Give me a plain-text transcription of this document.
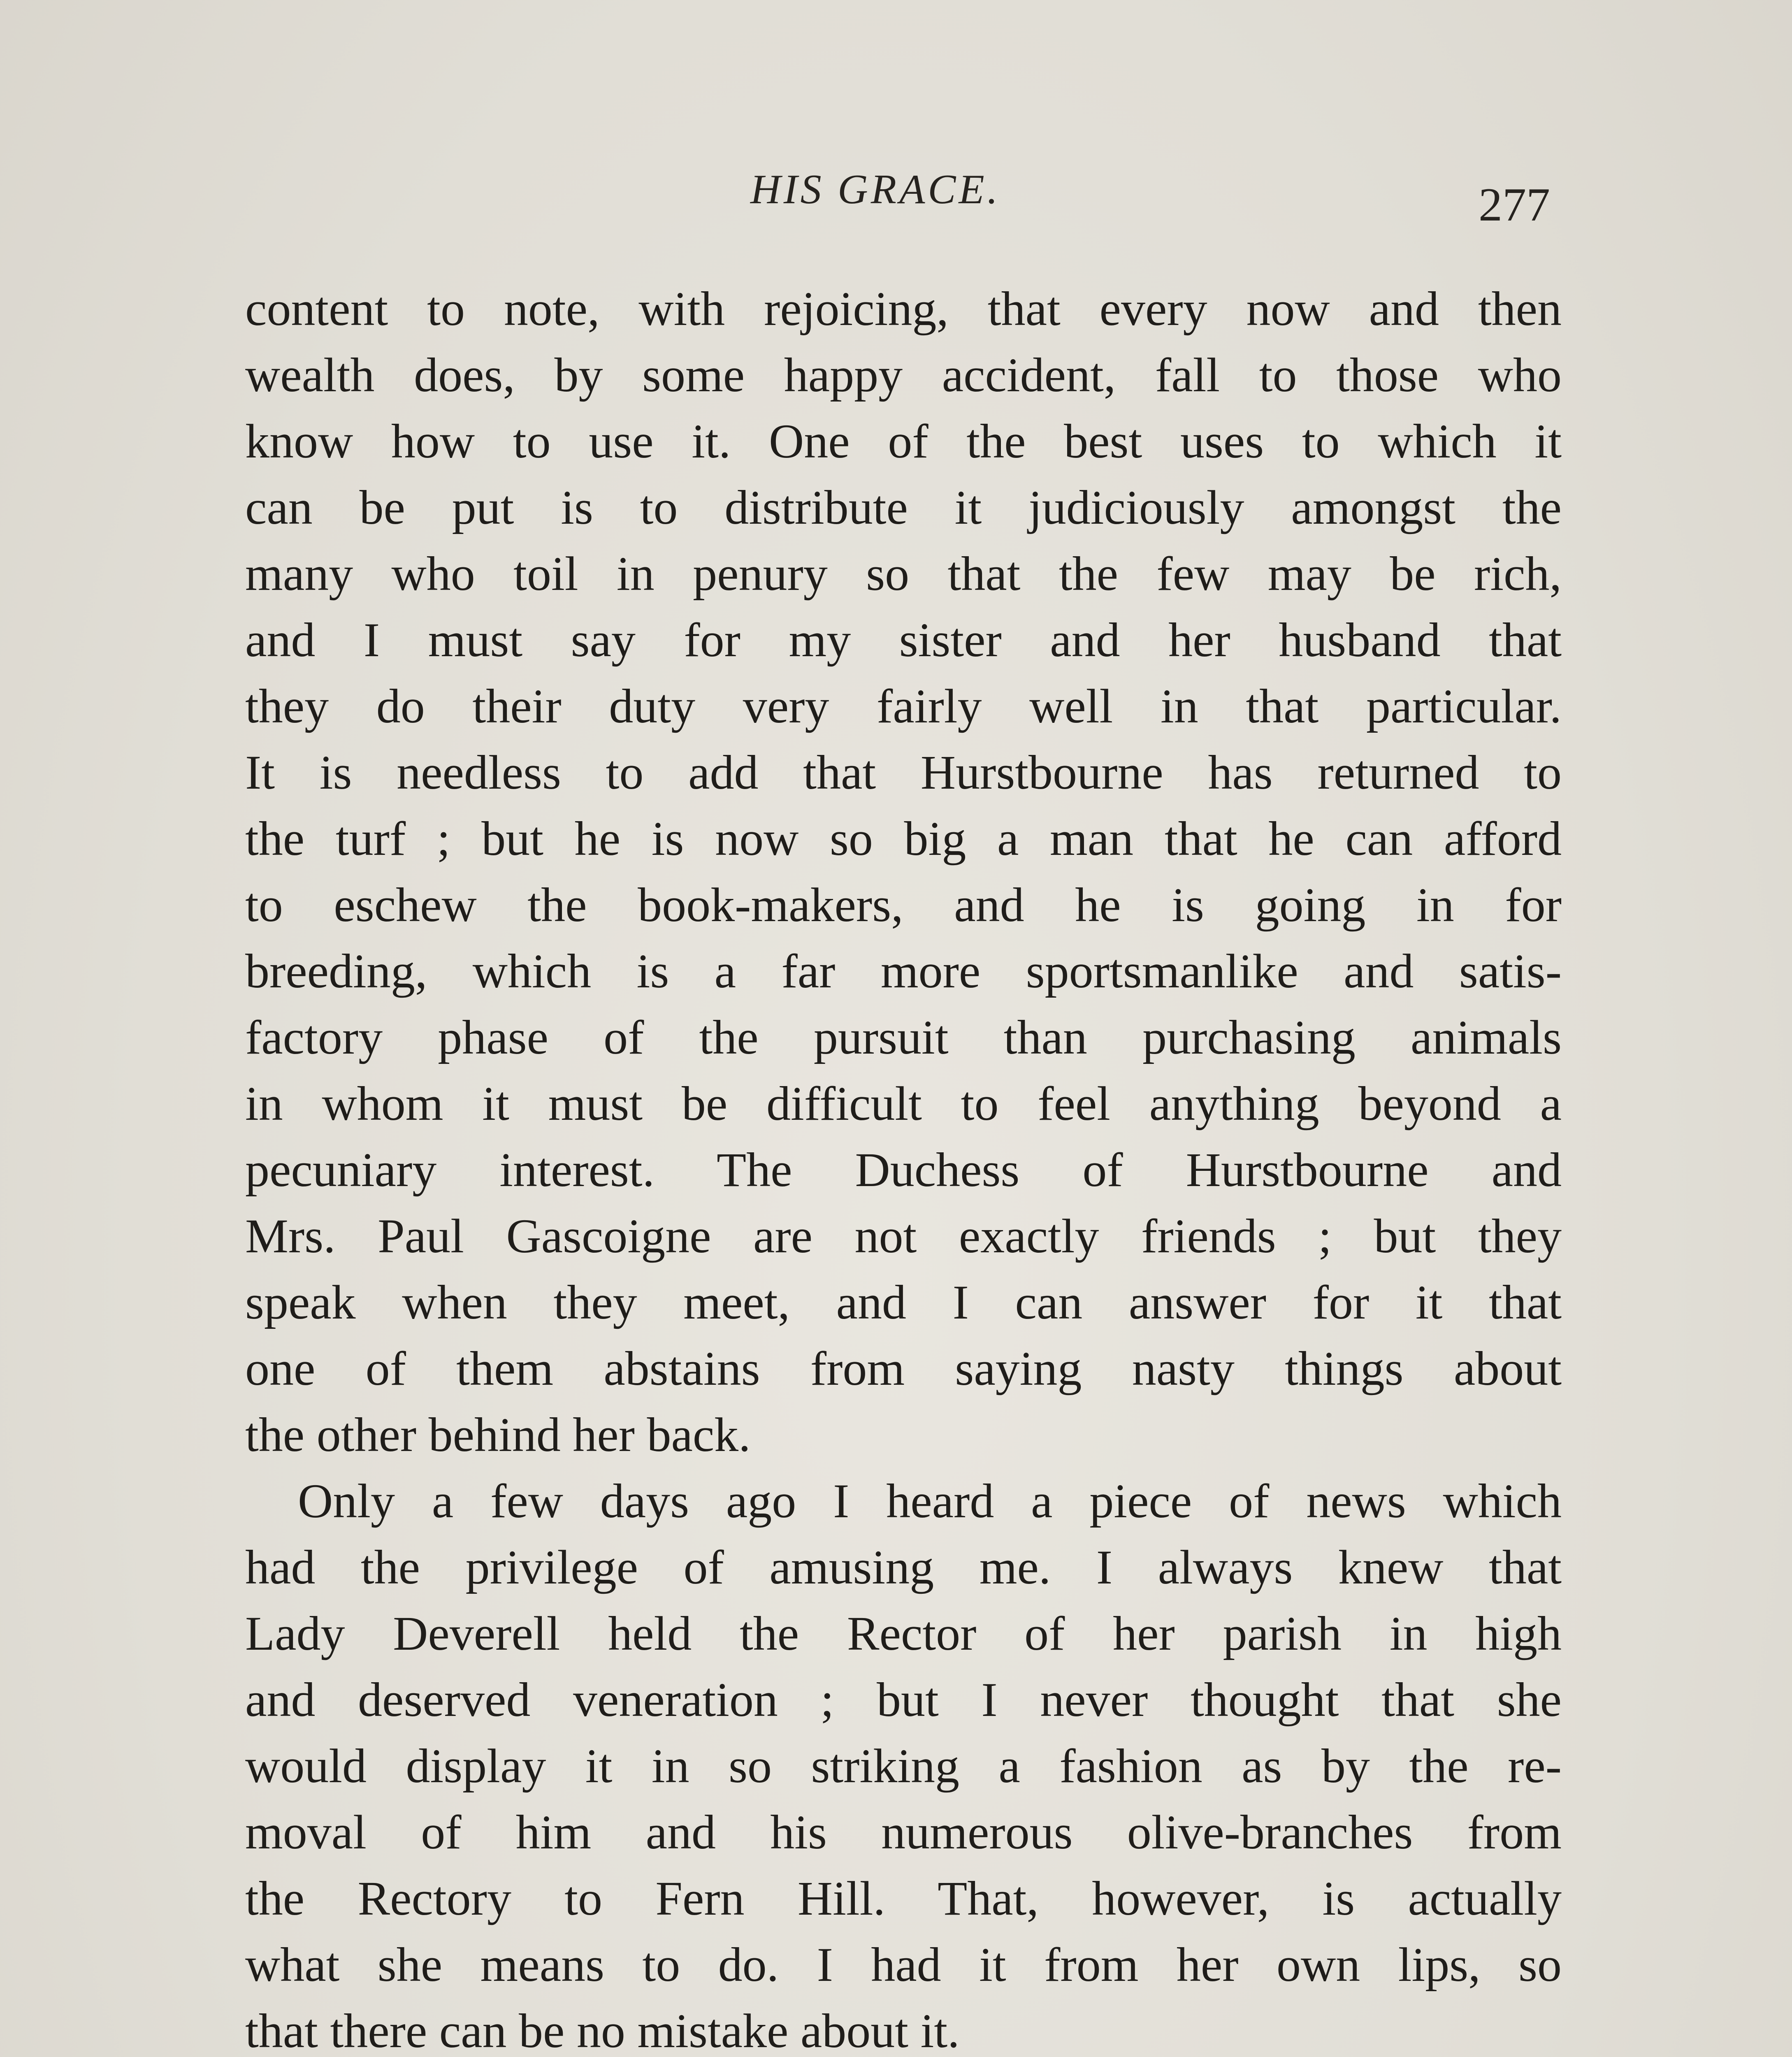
HIS GRACE.	277
content to note, with rejoicing, that every now and then
wealth does, by some happy accident, fall to those who
know how to use it. One of the best uses to which it
can be put is to distribute it judiciously amongst the
many who toil in penury so that the few may be rich,
and I must say for my sister and her husband that
they do their duty very fairly well in that particular.
It is needless to add that Hurstbourne has returned to
the turf ; but he is now so big a man that he can afford
to eschew the book-makers, and he is going in for
breeding, which is a far more sportsmanlike and satis-
factory phase of the pursuit than purchasing animals
in whom it must be difficult to feel anything beyond a
pecuniary interest. The Duchess of Hurstbourne and
Mrs. Paul Gascoigne are not exactly friends ; but they
speak when they meet, and I can answer for it that
one of them abstains from saying nasty things about
the other behind her back.
Only a few days ago I heard a piece of news which
had the privilege of amusing me. I always knew that
Lady Deverell held the Rector of her parish in high
and deserved veneration ; but I never thought that she
would display it in so striking a fashion as by the re-
moval of him and his numerous olive-branches from
the Rectory to Fern Hill. That, however, is actually
what she means to do. I had it from her own lips, so
that there can be no mistake about it.
